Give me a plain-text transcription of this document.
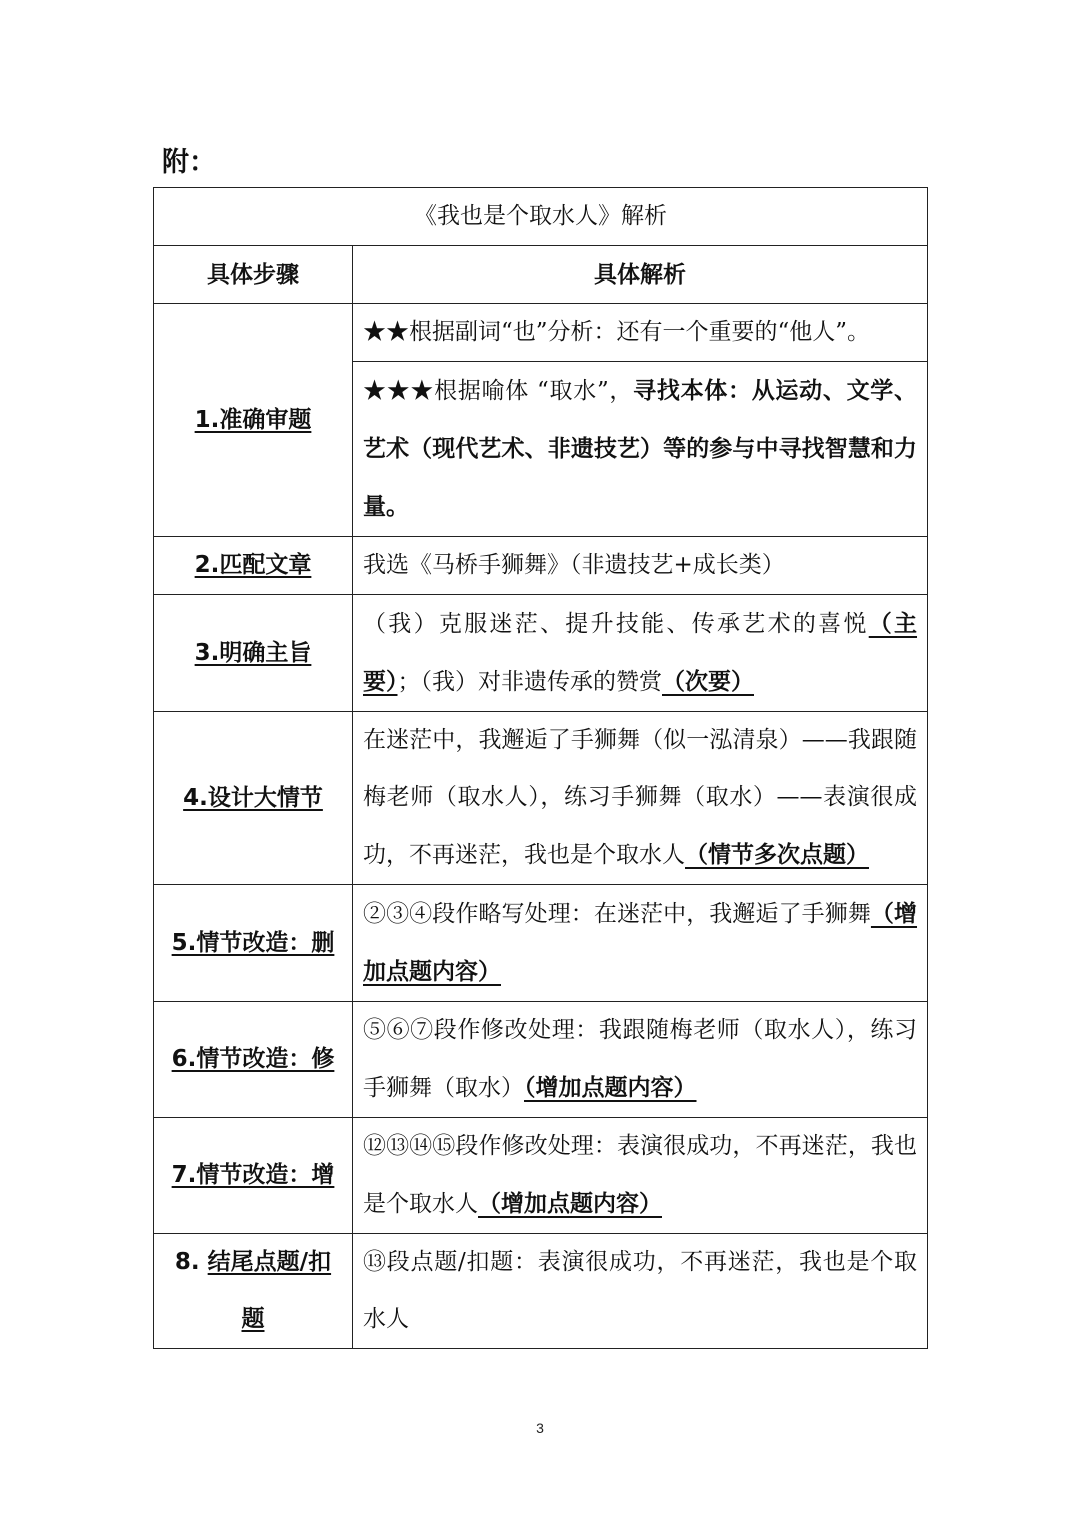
附：
《我也是个取水人》解析	
具体步骤	具体解析
1.准确审题	★★根据副词“也”分析：还有一个重要的“他人”。
	★★★根据喻体 “取水”，寻找本体：从运动、文学、艺术（现代艺术、非遗技艺）等的参与中寻找智慧和力量。
2.匹配文章	我选《马桥手狮舞》（非遗技艺+成长类）
3.明确主旨	（我）克服迷茫、提升技能、传承艺术的喜悦（主要）；（我）对非遗传承的赞赏（次要）
4.设计大情节	在迷茫中，我邂逅了手狮舞（似一泓清泉）——我跟随梅老师（取水人），练习手狮舞（取水）——表演很成功，不再迷茫，我也是个取水人（情节多次点题）
5.情节改造：删	②③④段作略写处理：在迷茫中，我邂逅了手狮舞（增加点题内容）
6.情节改造：修	⑤⑥⑦段作修改处理：我跟随梅老师（取水人），练习手狮舞（取水）（增加点题内容）
7.情节改造：增	⑫⑬⑭⑮段作修改处理：表演很成功，不再迷茫，我也是个取水人（增加点题内容）
8. 结尾点题/扣题	⑬段点题/扣题：表演很成功，不再迷茫，我也是个取水人
3
